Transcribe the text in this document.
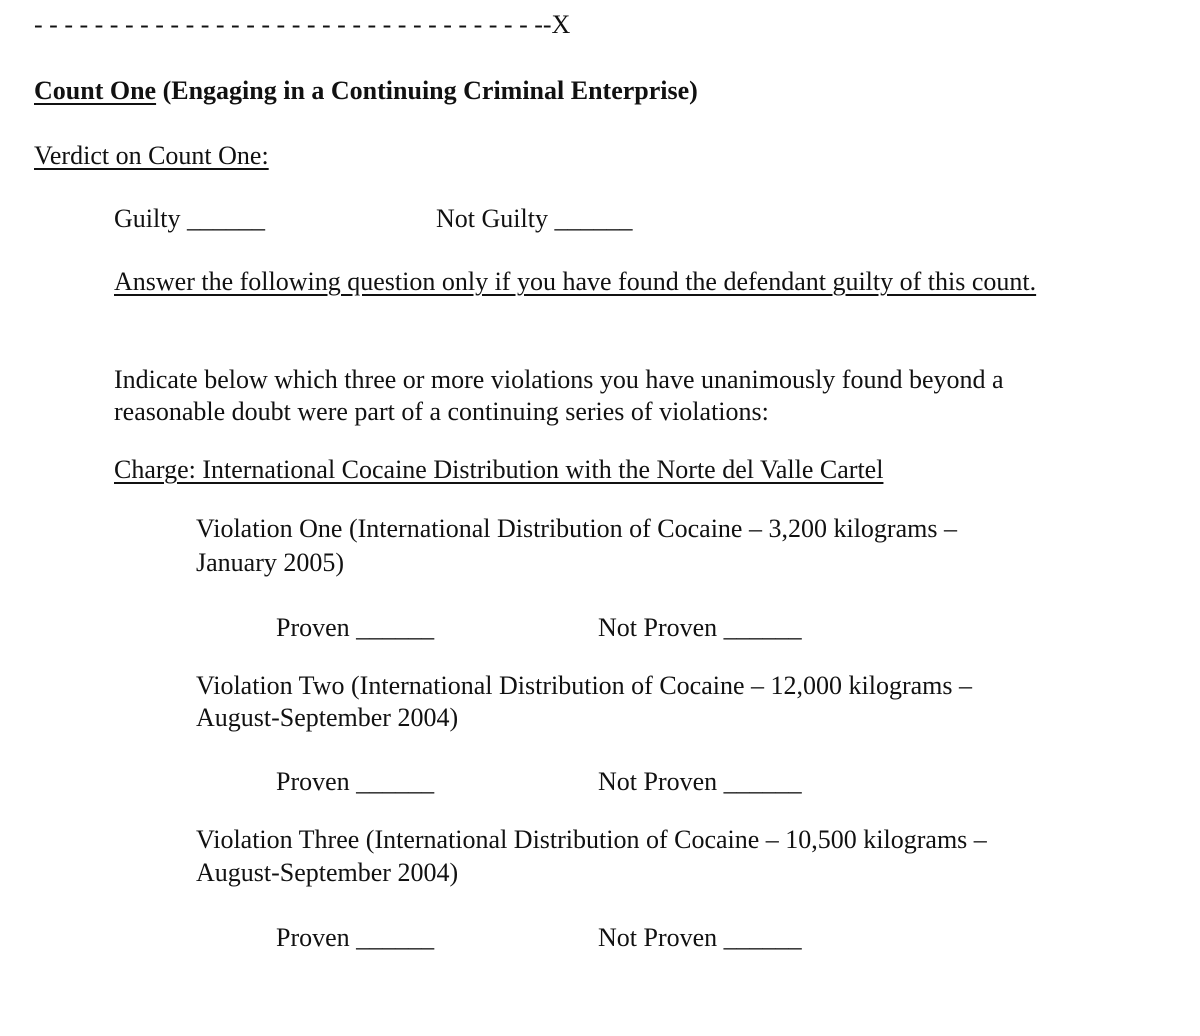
- - - - - - - - - - - - - - - - - - - - - - - - - - - - - - - - - --X
Count One (Engaging in a Continuing Criminal Enterprise)
Verdict on Count One:
Guilty ______	Not Guilty ______
Answer the following question only if you have found the defendant guilty of this count.
Indicate below which three or more violations you have unanimously found beyond a reasonable doubt were part of a continuing series of violations:
Charge: International Cocaine Distribution with the Norte del Valle Cartel
Violation One (International Distribution of Cocaine – 3,200 kilograms –
January 2005)
Proven ______	Not Proven ______
Violation Two (International Distribution of Cocaine – 12,000 kilograms –
August-September 2004)
Proven ______	Not Proven ______
Violation Three (International Distribution of Cocaine – 10,500 kilograms –
August-September 2004)
Proven ______	Not Proven ______
